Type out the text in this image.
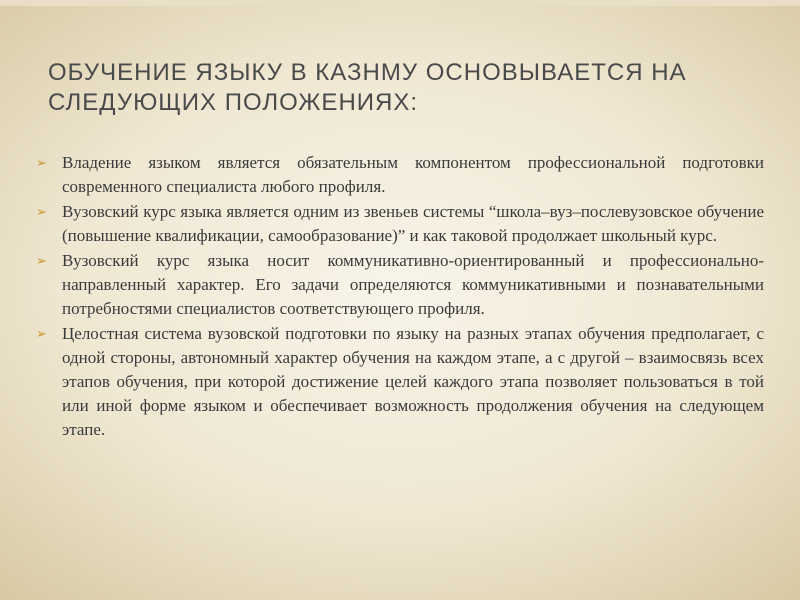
ОБУЧЕНИЕ ЯЗЫКУ В КАЗНМУ ОСНОВЫВАЕТСЯ НА СЛЕДУЮЩИХ ПОЛОЖЕНИЯХ:
➢ Владение языком является обязательным компонентом профессиональной подготовки современного специалиста любого профиля.
➢ Вузовский курс языка является одним из звеньев системы “школа–вуз–послевузовское обучение (повышение квалификации, самообразование)” и как таковой продолжает школьный курс.
➢ Вузовский курс языка носит коммуникативно-ориентированный и профессионально-направленный характер. Его задачи определяются коммуникативными и познавательными потребностями специалистов соответствующего профиля.
➢ Целостная система вузовской подготовки по языку на разных этапах обучения предполагает, с одной стороны, автономный характер обучения на каждом этапе, а с другой – взаимосвязь всех этапов обучения, при которой достижение целей каждого этапа позволяет пользоваться в той или иной форме языком и обеспечивает возможность продолжения обучения на следующем этапе.
